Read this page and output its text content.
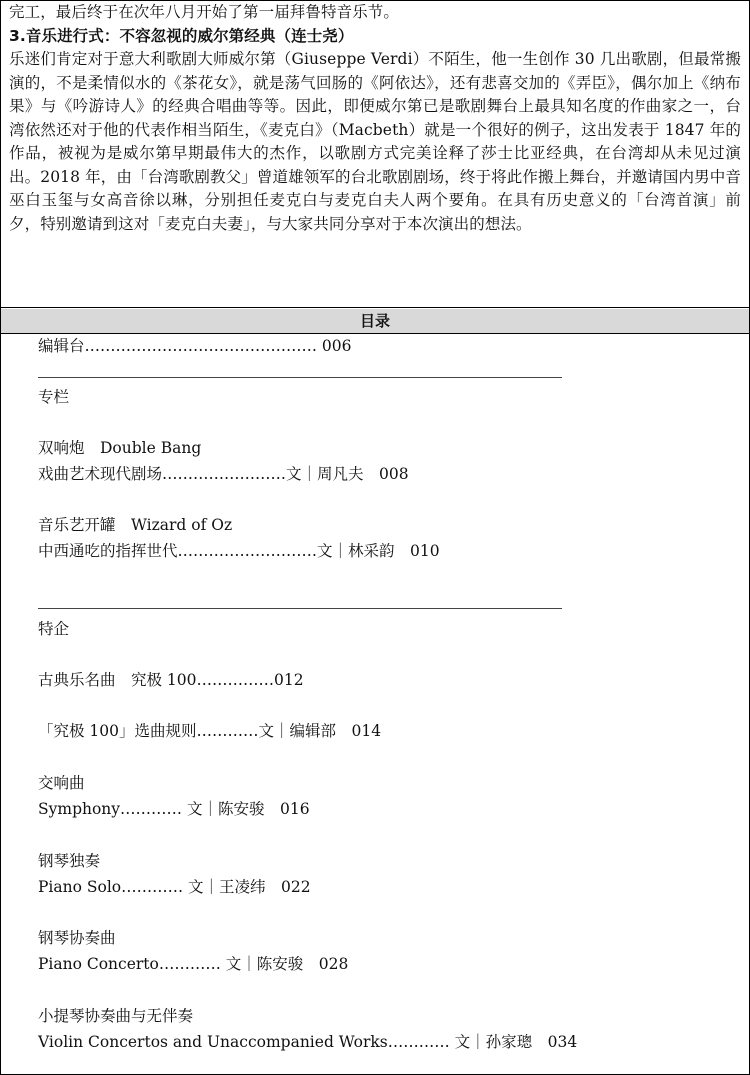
完工，最后终于在次年八月开始了第一届拜鲁特音乐节。

3.音乐进行式：不容忽视的威尔第经典（连士尧）

乐迷们肯定对于意大利歌剧大师威尔第（Giuseppe Verdi）不陌生，他一生创作 30 几出歌剧，但最常搬演的，不是柔情似水的《茶花女》，就是荡气回肠的《阿依达》，还有悲喜交加的《弄臣》，偶尔加上《纳布果》与《吟游诗人》的经典合唱曲等等。因此，即便威尔第已是歌剧舞台上最具知名度的作曲家之一，台湾依然还对于他的代表作相当陌生，《麦克白》（Macbeth）就是一个很好的例子，这出发表于 1847 年的作品，被视为是威尔第早期最伟大的杰作，以歌剧方式完美诠释了莎士比亚经典，在台湾却从未见过演出。2018 年，由「台湾歌剧教父」曾道雄领军的台北歌剧剧场，终于将此作搬上舞台，并邀请国内男中音巫白玉玺与女高音徐以琳，分别担任麦克白与麦克白夫人两个要角。在具有历史意义的「台湾首演」前夕，特别邀请到这对「麦克白夫妻」，与大家共同分享对于本次演出的想法。

目录
编辑台……………………………………… 006
专栏
双响炮　Double Bang
戏曲艺术现代剧场……………………文｜周凡夫　008
音乐艺开罐　Wizard of Oz
中西通吃的指挥世代………………………文｜林采韵　010
特企
古典乐名曲　究极 100……………012
「究极 100」选曲规则…………文｜编辑部　014
交响曲
Symphony………… 文｜陈安骏　016
钢琴独奏
Piano Solo………… 文｜王凌纬　022
钢琴协奏曲
Piano Concerto………… 文｜陈安骏　028
小提琴协奏曲与无伴奏
Violin Concertos and Unaccompanied Works………… 文｜孙家璁　034
